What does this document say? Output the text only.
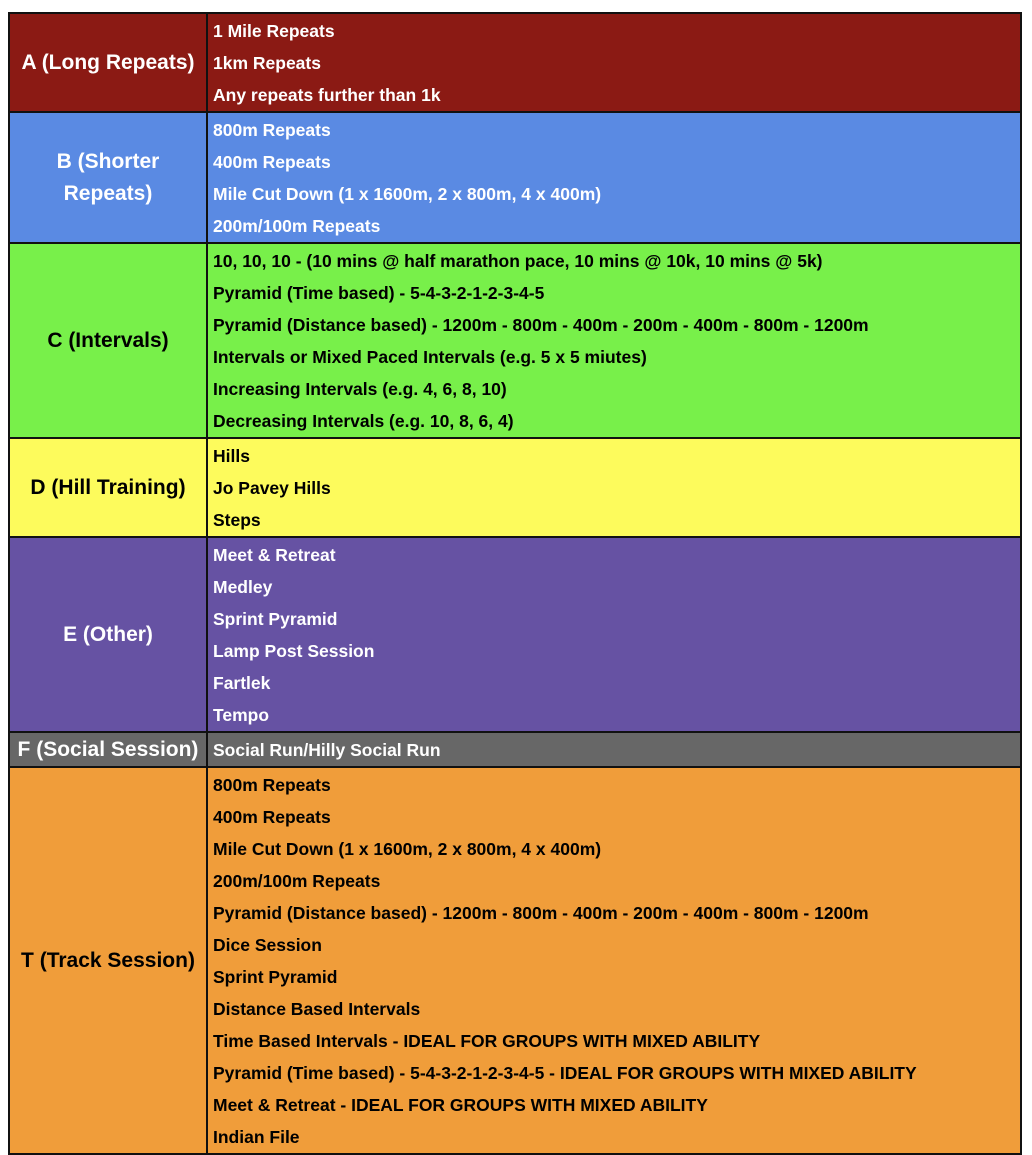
A (Long Repeats)
1 Mile Repeats
1km Repeats
Any repeats further than 1k
B (Shorter Repeats)
800m Repeats
400m Repeats
Mile Cut Down (1 x 1600m, 2 x 800m, 4 x 400m)
200m/100m Repeats
C (Intervals)
10, 10, 10 - (10 mins @ half marathon pace, 10 mins @ 10k, 10 mins @ 5k)
Pyramid (Time based) - 5-4-3-2-1-2-3-4-5
Pyramid (Distance based) - 1200m - 800m - 400m - 200m - 400m - 800m - 1200m
Intervals or Mixed Paced Intervals (e.g. 5 x 5 miutes)
Increasing Intervals (e.g. 4, 6, 8, 10)
Decreasing Intervals (e.g. 10, 8, 6, 4)
D (Hill Training)
Hills
Jo Pavey Hills
Steps
E (Other)
Meet & Retreat
Medley
Sprint Pyramid
Lamp Post Session
Fartlek
Tempo
F (Social Session) Social Run/Hilly Social Run
T (Track Session)
800m Repeats
400m Repeats
Mile Cut Down (1 x 1600m, 2 x 800m, 4 x 400m)
200m/100m Repeats
Pyramid (Distance based) - 1200m - 800m - 400m - 200m - 400m - 800m - 1200m
Dice Session
Sprint Pyramid
Distance Based Intervals
Time Based Intervals - IDEAL FOR GROUPS WITH MIXED ABILITY
Pyramid (Time based) - 5-4-3-2-1-2-3-4-5 - IDEAL FOR GROUPS WITH MIXED ABILITY
Meet & Retreat - IDEAL FOR GROUPS WITH MIXED ABILITY
Indian File
